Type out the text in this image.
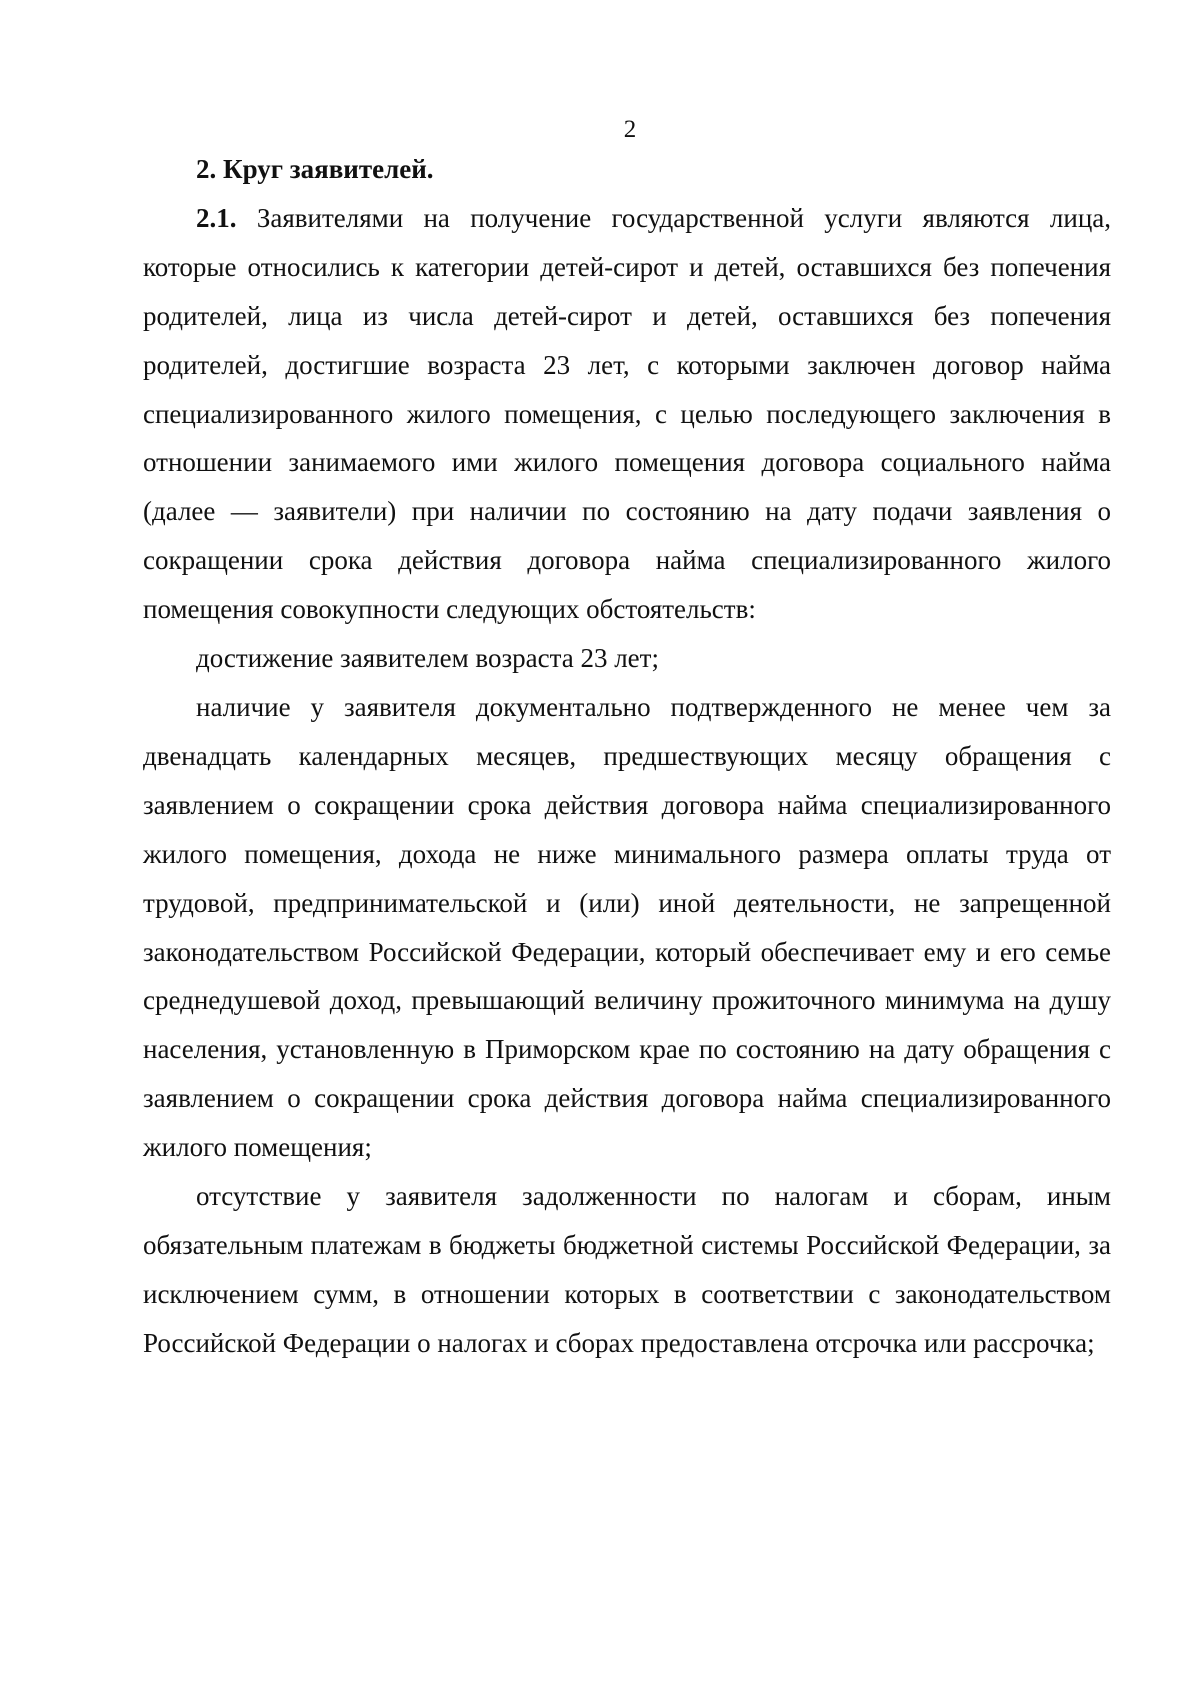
2

2. Круг заявителей.

2.1. Заявителями на получение государственной услуги являются лица, которые относились к категории детей-сирот и детей, оставшихся без попечения родителей, лица из числа детей-сирот и детей, оставшихся без попечения родителей, достигшие возраста 23 лет, с которыми заключен договор найма специализированного жилого помещения, с целью последующего заключения в отношении занимаемого ими жилого помещения договора социального найма (далее — заявители) при наличии по состоянию на дату подачи заявления о сокращении срока действия договора найма специализированного жилого помещения совокупности следующих обстоятельств:

достижение заявителем возраста 23 лет;

наличие у заявителя документально подтвержденного не менее чем за двенадцать календарных месяцев, предшествующих месяцу обращения с заявлением о сокращении срока действия договора найма специализированного жилого помещения, дохода не ниже минимального размера оплаты труда от трудовой, предпринимательской и (или) иной деятельности, не запрещенной законодательством Российской Федерации, который обеспечивает ему и его семье среднедушевой доход, превышающий величину прожиточного минимума на душу населения, установленную в Приморском крае по состоянию на дату обращения с заявлением о сокращении срока действия договора найма специализированного жилого помещения;

отсутствие у заявителя задолженности по налогам и сборам, иным обязательным платежам в бюджеты бюджетной системы Российской Федерации, за исключением сумм, в отношении которых в соответствии с законодательством Российской Федерации о налогах и сборах предоставлена отсрочка или рассрочка;
